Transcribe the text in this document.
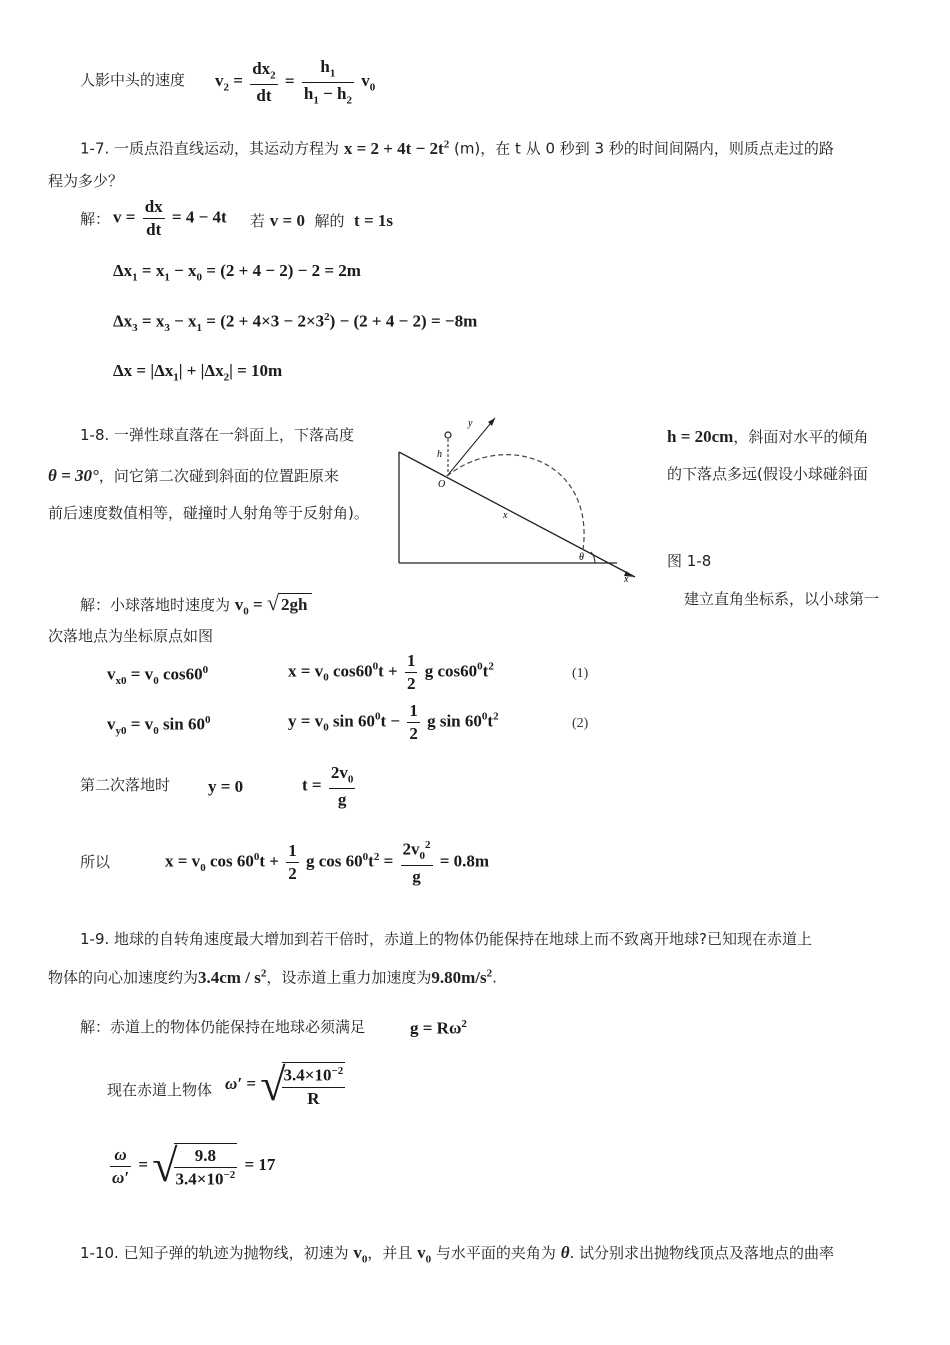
人影中头的速度 $v_2 = \frac{dx_2}{dt} = \frac{h_1}{h_1 - h_2} v_0$
1-7. 一质点沿直线运动，其运动方程为 $x = 2 + 4t - 2t^2$ (m)，在 t 从 0 秒到 3 秒的时间间隔内，则质点走过的路
程为多少？
解： $v = \frac{dx}{dt} = 4 - 4t$ 若 v = 0  解的  t = 1s
$\Delta x_1 = x_1 - x_0 = (2 + 4 - 2) - 2 = 2m$
$\Delta x_3 = x_3 - x_1 = (2 + 4\times 3 - 2\times 3^2) - (2 + 4 - 2) = -8m$
$\Delta x = |\Delta x_1| + |\Delta x_2| = 10m$
1-8. 一弹性球直落在一斜面上，下落高度	h = 20cm，斜面对水平的倾角
θ = 30°，问它第二次碰到斜面的位置距原来	的下落点多远(假设小球碰斜面
前后速度数值相等，碰撞时人射角等于反射角)。
y
h
O
x
θ
x
图 1-8
解：小球落地时速度为 $v_0$ = √ 2gh	建立直角坐标系，以小球第一
次落地点为坐标原点如图
$v_{x0} = v_0$ $\cos 60^0$	$x = v_0$ $\cos 60^0t + \frac{1}{2}$ g $\cos 60^0t^2$	(1)
$v_{y0} = v_0$ $\sin 60^0$	$y = v_0$ $\sin 60^0t - \frac{1}{2}$ g $\sin 60^0t^2$	(2)
第二次落地时 y = 0	$t = \frac{2v_0}{g}$
所以	$x = v_0$ $\cos 60^0t + \frac{1}{2}$ g $\cos 60^0t^2 = \frac{2v_0^2}{g} = 0.8m$
1-9. 地球的自转角速度最大增加到若干倍时，赤道上的物体仍能保持在地球上而不致离开地球?已知现在赤道上
物体的向心加速度约为$3.4cm / s^2$，设赤道上重力加速度为$9.80m/s^2$.
解：赤道上的物体仍能保持在地球必须满足	$g = R\omega^2$
现在赤道上物体 ω′ = √
$\frac{3.4\times 10^{-2}}{R}$
$\frac{\omega}{\omega'}$ = √
$\frac{9.8}{3.4\times 10^{-2}} = 17$
1-10. 已知子弹的轨迹为抛物线，初速为 $v_0$，并且 $v_0$ 与水平面的夹角为 θ. 试分别求出抛物线顶点及落地点的曲率
